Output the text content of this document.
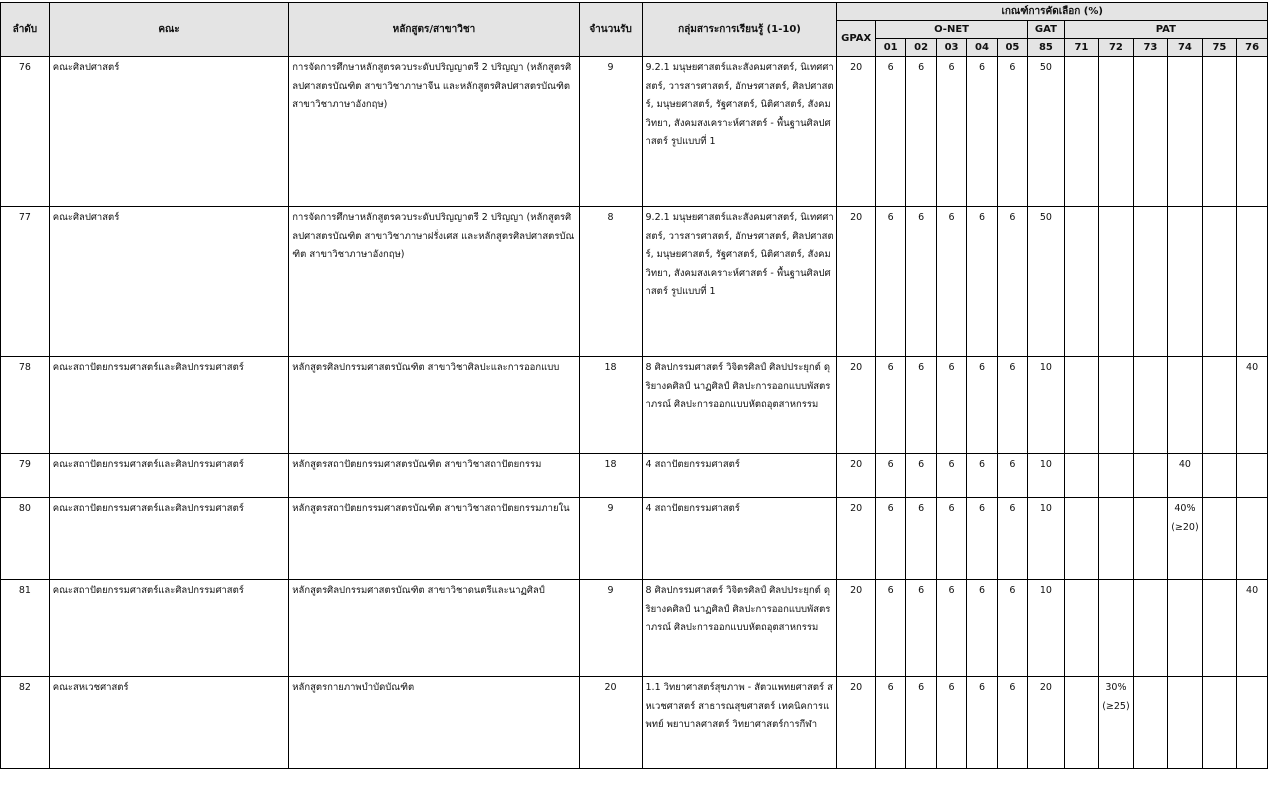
ลำดับ	คณะ	หลักสูตร/สาขาวิชา	จำนวนรับ	กลุ่มสาระการเรียนรู้ (1-10)	เกณฑ์การคัดเลือก (%)												
					GPAX	O-NET					GAT	PAT					
						01	02	03	04	05	85	71	72	73	74	75	76
76	คณะศิลปศาสตร์	การจัดการศึกษาหลักสูตรควบระดับปริญญาตรี 2 ปริญญา (หลักสูตรศิลปศาสตรบัณฑิต สาขาวิชาภาษาจีน และหลักสูตรศิลปศาสตรบัณฑิต สาขาวิชาภาษาอังกฤษ)	9	9.2.1 มนุษยศาสตร์และสังคมศาสตร์, นิเทศศาสตร์, วารสารศาสตร์, อักษรศาสตร์, ศิลปศาสตร์, มนุษยศาสตร์, รัฐศาสตร์, นิติศาสตร์, สังคมวิทยา, สังคมสงเคราะห์ศาสตร์ - พื้นฐานศิลปศาสตร์ รูปแบบที่ 1	20	6	6	6	6	6	50						
77	คณะศิลปศาสตร์	การจัดการศึกษาหลักสูตรควบระดับปริญญาตรี 2 ปริญญา (หลักสูตรศิลปศาสตรบัณฑิต สาขาวิชาภาษาฝรั่งเศส และหลักสูตรศิลปศาสตรบัณฑิต สาขาวิชาภาษาอังกฤษ)	8	9.2.1 มนุษยศาสตร์และสังคมศาสตร์, นิเทศศาสตร์, วารสารศาสตร์, อักษรศาสตร์, ศิลปศาสตร์, มนุษยศาสตร์, รัฐศาสตร์, นิติศาสตร์, สังคมวิทยา, สังคมสงเคราะห์ศาสตร์ - พื้นฐานศิลปศาสตร์ รูปแบบที่ 1	20	6	6	6	6	6	50						
78	คณะสถาปัตยกรรมศาสตร์และศิลปกรรมศาสตร์	หลักสูตรศิลปกรรมศาสตรบัณฑิต สาขาวิชาศิลปะและการออกแบบ	18	8 ศิลปกรรมศาสตร์ วิจิตรศิลป์ ศิลปประยุกต์ ดุริยางคศิลป์ นาฏศิลป์ ศิลปะการออกแบบพัสตราภรณ์ ศิลปะการออกแบบหัตถอุตสาหกรรม	20	6	6	6	6	6	10						40
79	คณะสถาปัตยกรรมศาสตร์และศิลปกรรมศาสตร์	หลักสูตรสถาปัตยกรรมศาสตรบัณฑิต สาขาวิชาสถาปัตยกรรม	18	4 สถาปัตยกรรมศาสตร์	20	6	6	6	6	6	10				40		
80	คณะสถาปัตยกรรมศาสตร์และศิลปกรรมศาสตร์	หลักสูตรสถาปัตยกรรมศาสตรบัณฑิต สาขาวิชาสถาปัตยกรรมภายใน	9	4 สถาปัตยกรรมศาสตร์	20	6	6	6	6	6	10				40% (≥20)		
81	คณะสถาปัตยกรรมศาสตร์และศิลปกรรมศาสตร์	หลักสูตรศิลปกรรมศาสตรบัณฑิต สาขาวิชาดนตรีและนาฏศิลป์	9	8 ศิลปกรรมศาสตร์ วิจิตรศิลป์ ศิลปประยุกต์ ดุริยางคศิลป์ นาฏศิลป์ ศิลปะการออกแบบพัสตราภรณ์ ศิลปะการออกแบบหัตถอุตสาหกรรม	20	6	6	6	6	6	10						40
82	คณะสหเวชศาสตร์	หลักสูตรกายภาพบำบัดบัณฑิต	20	1.1 วิทยาศาสตร์สุขภาพ - สัตวแพทยศาสตร์ สหเวชศาสตร์ สาธารณสุขศาสตร์ เทคนิคการแพทย์ พยาบาลศาสตร์ วิทยาศาสตร์การกีฬา	20	6	6	6	6	6	20		30% (≥25)				
